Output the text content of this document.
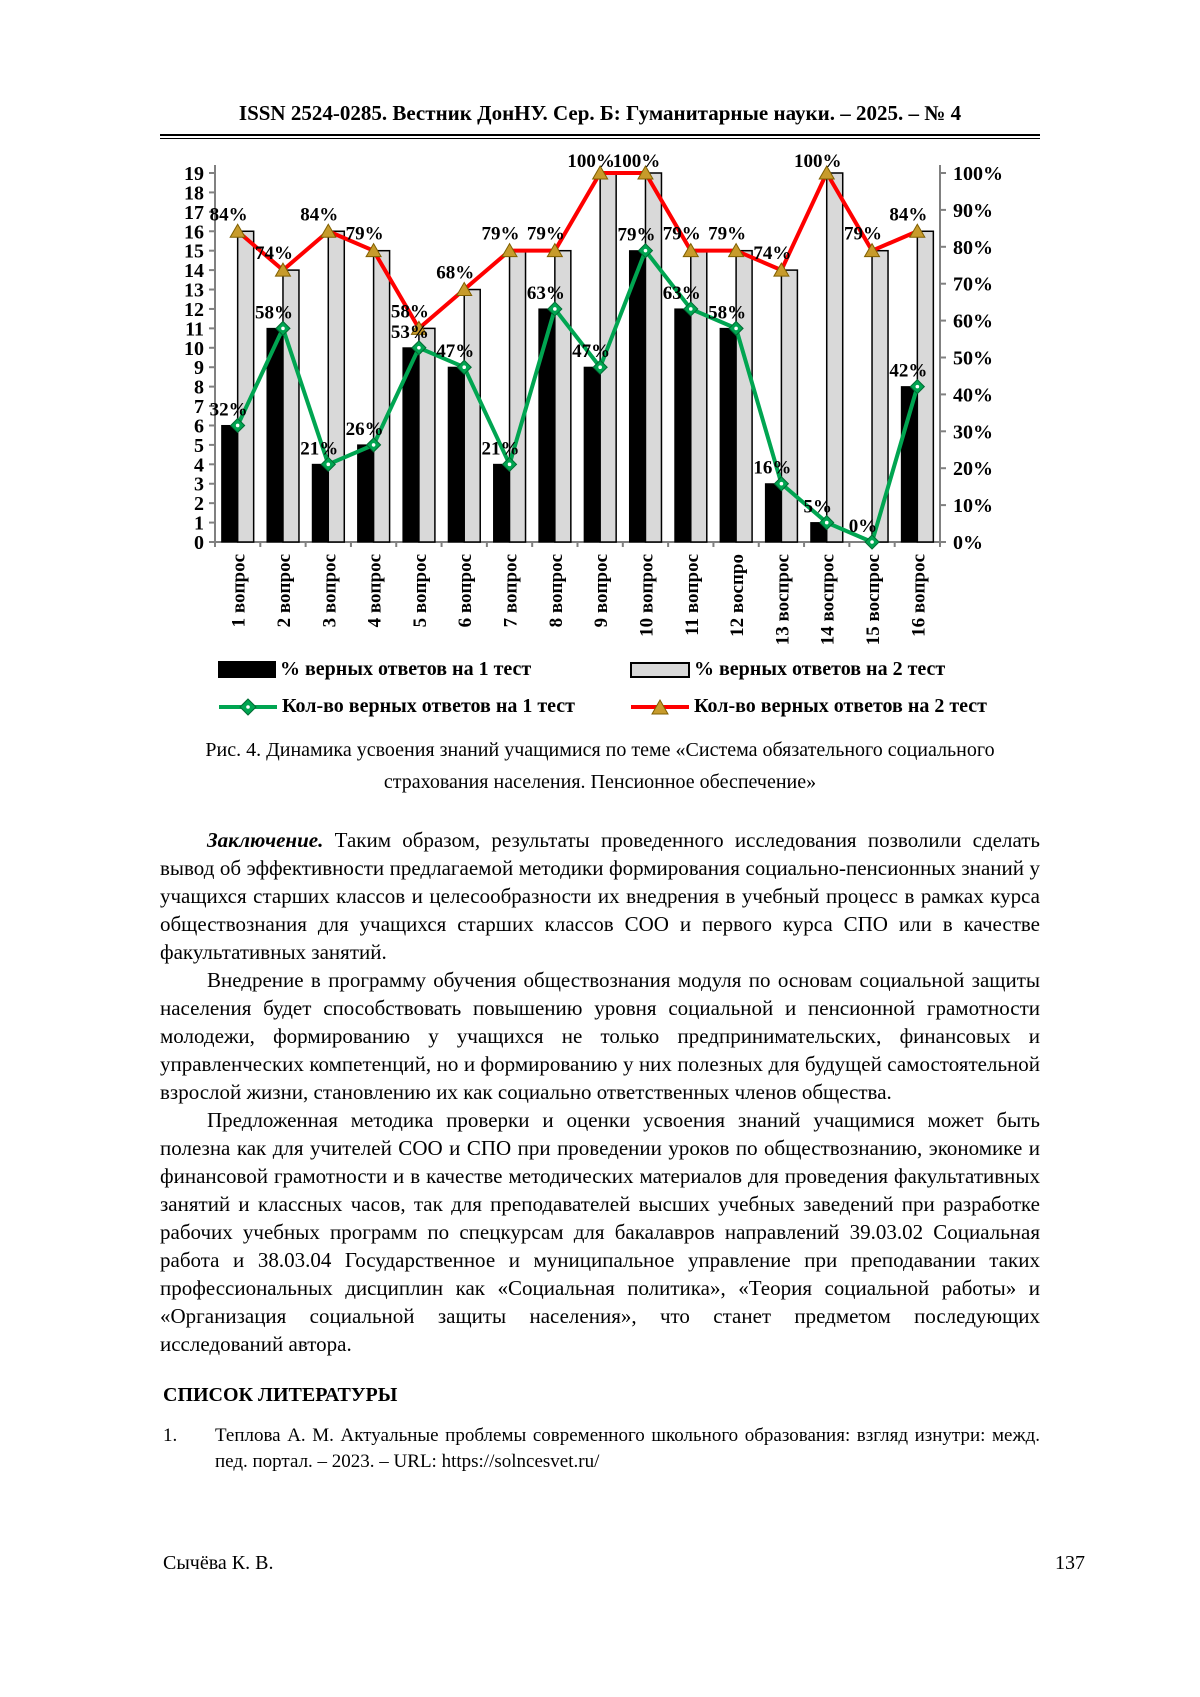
ISSN 2524-0285. Вестник ДонНУ. Сер. Б: Гуманитарные науки. – 2025. – № 4
0
1
2
3
4
5
6
7
8
9
10
11
12
13
14
15
16
17
18
19
0%
10%
20%
30%
40%
50%
60%
70%
80%
90%
100%
1 вопрос 2 вопрос 3 вопрос 4 вопрос 5 вопрос 6 вопрос 7 вопрос 8 вопрос 9 вопрос 10 вопрос 11 вопрос 12 воспро 13 воспрос 14 воспрос 15 воспрос 16 вопрос
32%
58%
21%
26%
53%
47%
21%
63%
47%
79%
63%
58%
16%
5%
0%
42%
84%
74%
84%
79%
58%
68%
79% 79%
100%
100%
79% 79%
74%
100%
79%
84%
% верных ответов на 1 тест	% верных ответов на 2 тест
Кол-во верных ответов на 1 тест	Кол-во верных ответов на 2 тест
Рис. 4. Динамика усвоения знаний учащимися по теме «Система обязательного социального
страхования населения. Пенсионное обеспечение»
Заключение. Таким образом, результаты проведенного исследования позволили сделать вывод об эффективности предлагаемой методики формирования социально-пенсионных знаний у учащихся старших классов и целесообразности их внедрения в учебный процесс в рамках курса обществознания для учащихся старших классов СОО и первого курса СПО или в качестве факультативных занятий.
Внедрение в программу обучения обществознания модуля по основам социальной защиты населения будет способствовать повышению уровня социальной и пенсионной грамотности молодежи, формированию у учащихся не только предпринимательских, финансовых и управленческих компетенций, но и формированию у них полезных для будущей самостоятельной взрослой жизни, становлению их как социально ответственных членов общества.
Предложенная методика проверки и оценки усвоения знаний учащимися может быть полезна как для учителей СОО и СПО при проведении уроков по обществознанию, экономике и финансовой грамотности и в качестве методических материалов для проведения факультативных занятий и классных часов, так для преподавателей высших учебных заведений при разработке рабочих учебных программ по спецкурсам для бакалавров направлений 39.03.02 Социальная работа и 38.03.04 Государственное и муниципальное управление при преподавании таких профессиональных дисциплин как «Социальная политика», «Теория социальной работы» и «Организация социальной защиты населения», что станет предметом последующих исследований автора.
СПИСОК ЛИТЕРАТУРЫ
1.	Теплова А. М. Актуальные проблемы современного школьного образования: взгляд изнутри: межд. пед. портал. – 2023. – URL: https://solncesvet.ru/
Сычёва К. В.	137
